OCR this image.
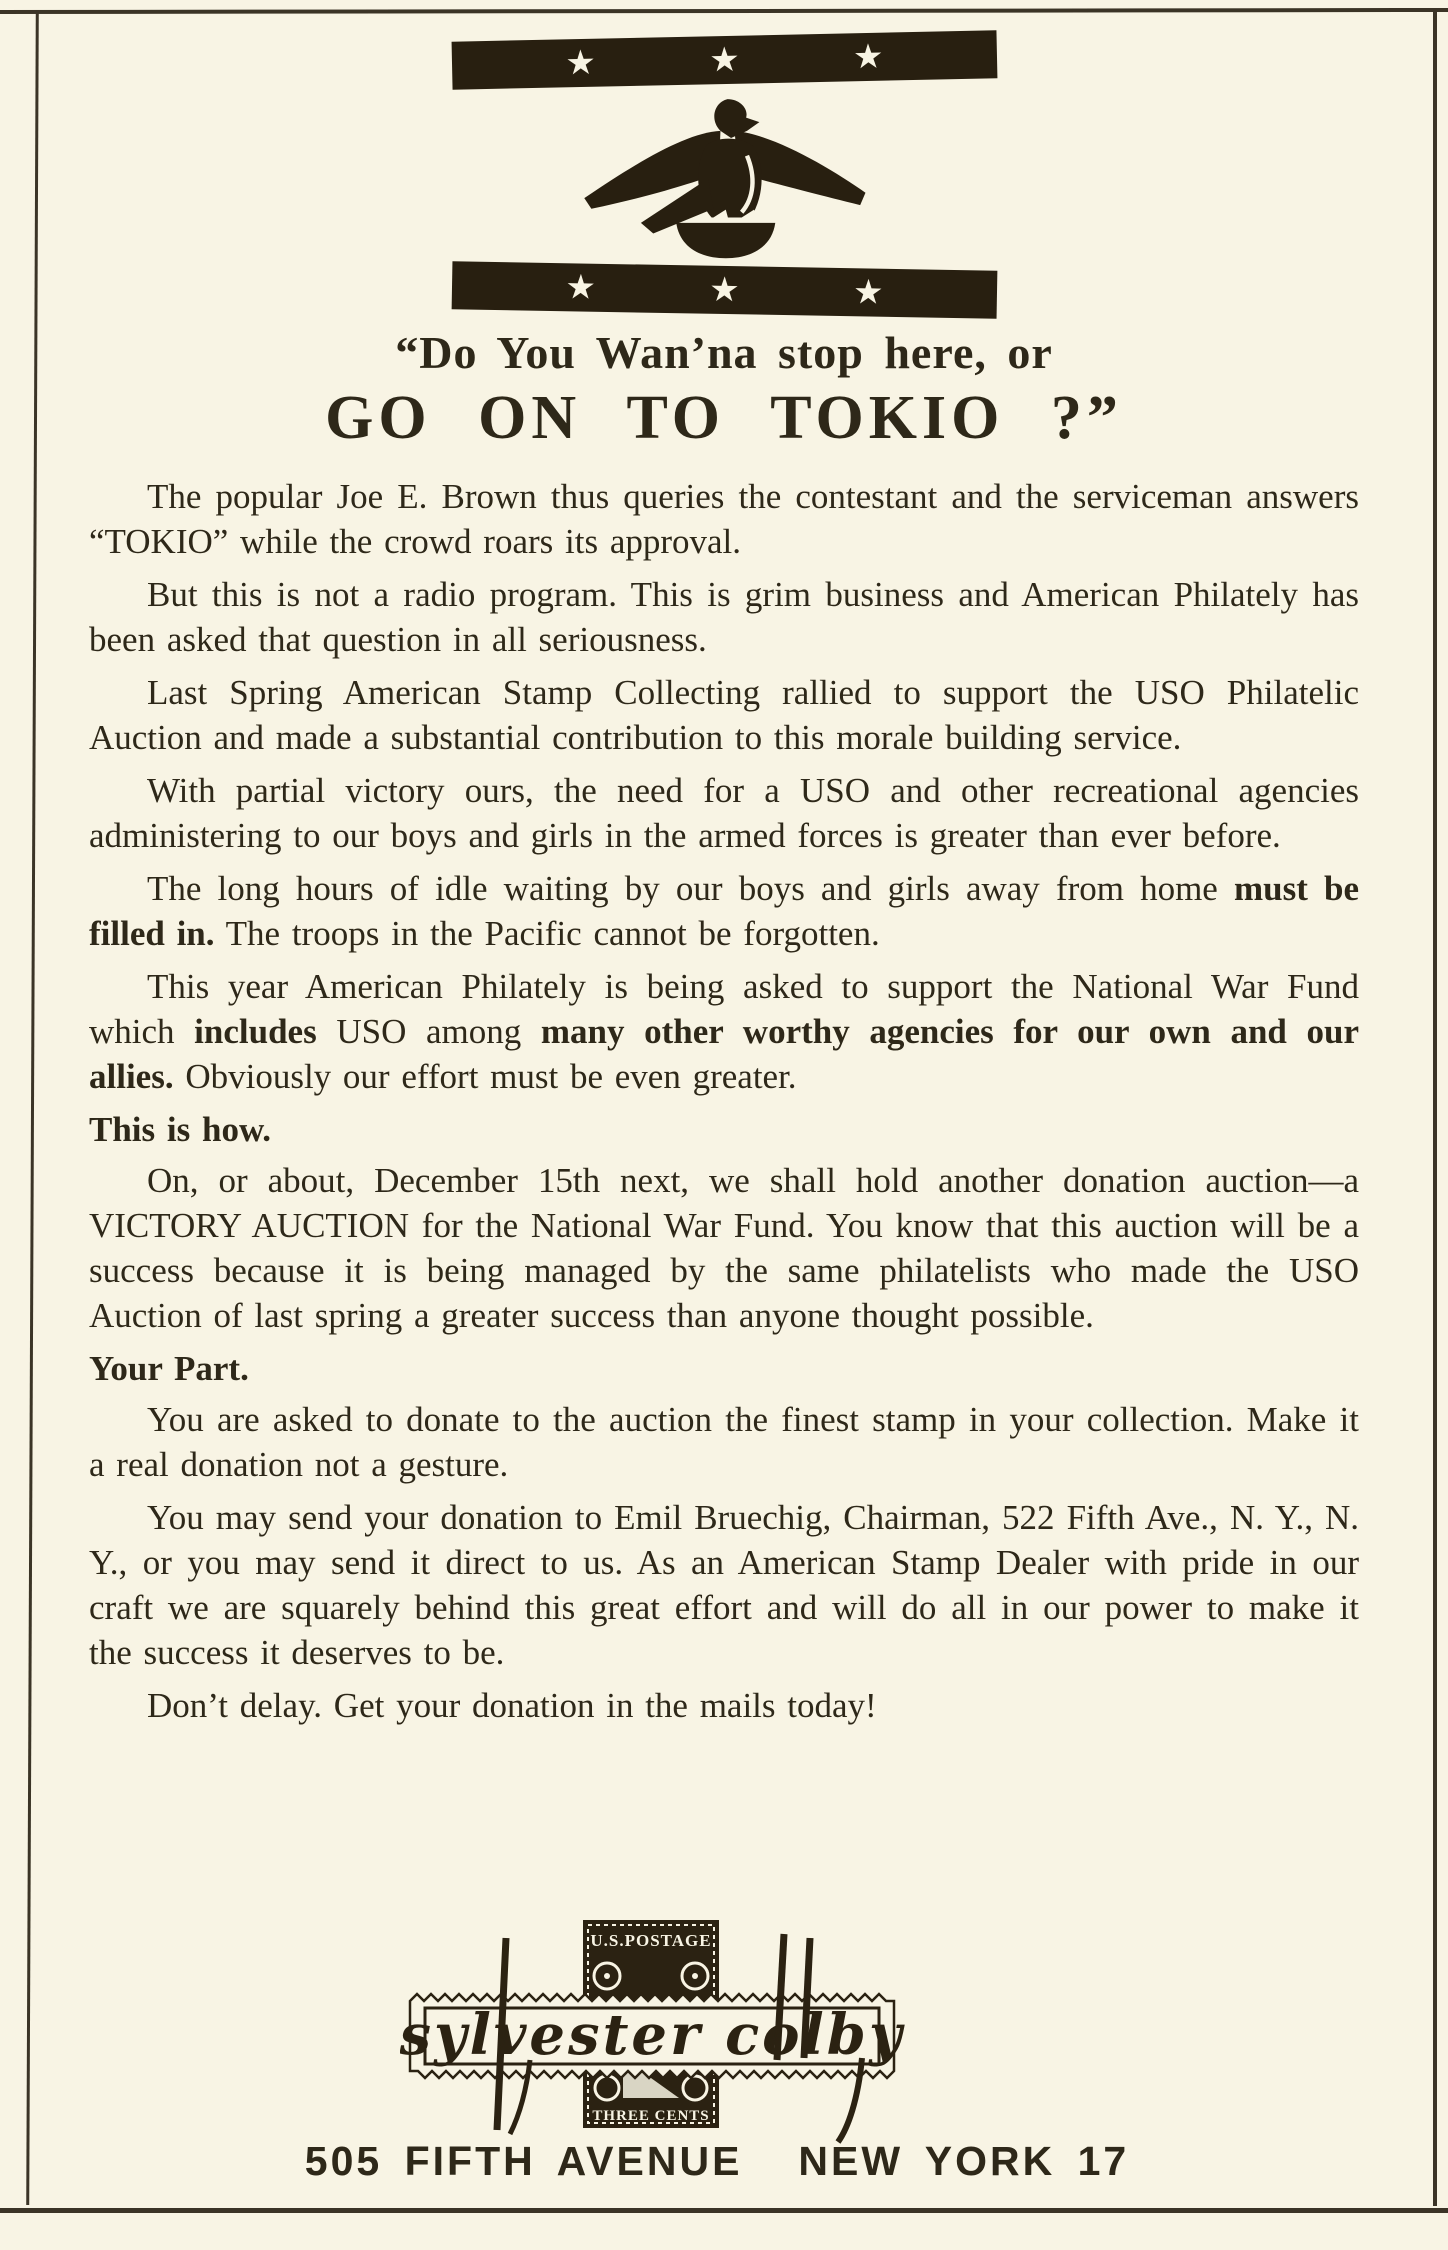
★	★	★
★	★	★
“Do You Wan’na stop here, or
GO ON TO TOKIO ?”

The popular Joe E. Brown thus queries the contestant and the serviceman answers “TOKIO” while the crowd roars its approval.

But this is not a radio program. This is grim business and American Philately has been asked that question in all seriousness.

Last Spring American Stamp Collecting rallied to support the USO Philatelic Auction and made a substantial contribution to this morale building service.

With partial victory ours, the need for a USO and other recreational agencies administering to our boys and girls in the armed forces is greater than ever before.

The long hours of idle waiting by our boys and girls away from home must be filled in. The troops in the Pacific cannot be forgotten.

This year American Philately is being asked to support the National War Fund which includes USO among many other worthy agencies for our own and our allies. Obviously our effort must be even greater.

This is how.

On, or about, December 15th next, we shall hold another donation auction—a VICTORY AUCTION for the National War Fund. You know that this auction will be a success because it is being managed by the same philatelists who made the USO Auction of last spring a greater success than anyone thought possible.

Your Part.

You are asked to donate to the auction the finest stamp in your collection. Make it a real donation not a gesture.

You may send your donation to Emil Bruechig, Chairman, 522 Fifth Ave., N. Y., N. Y., or you may send it direct to us. As an American Stamp Dealer with pride in our craft we are squarely behind this great effort and will do all in our power to make it the success it deserves to be.

Don’t delay. Get your donation in the mails today!

U.S.POSTAGE
THREE CENTS
sylvester colby
505 FIFTH AVENUE NEW YORK 17
